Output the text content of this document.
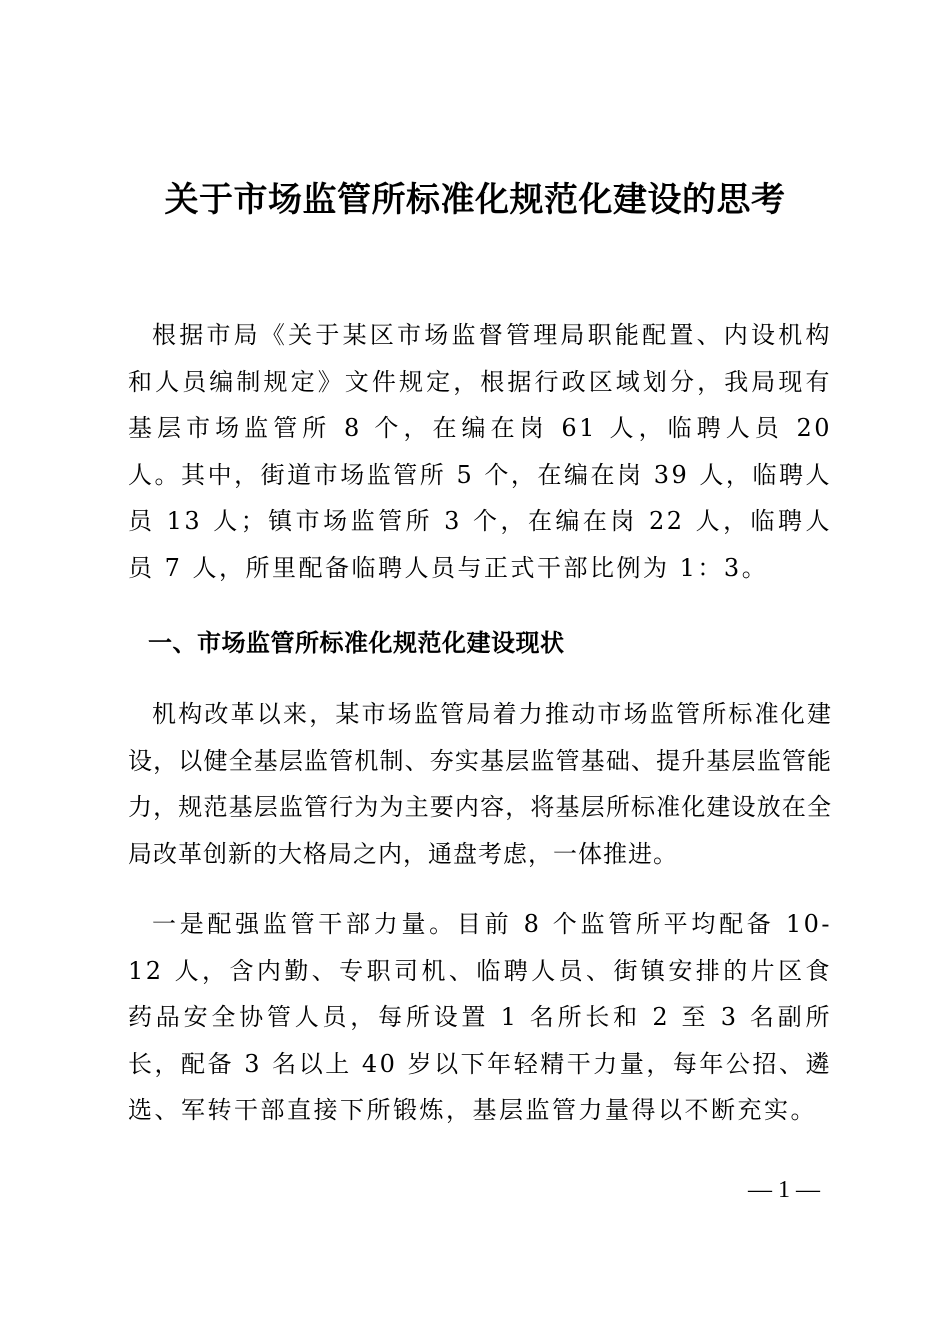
关于市场监管所标准化规范化建设的思考

根据市局《关于某区市场监督管理局职能配置、内设机构和人员编制规定》文件规定，根据行政区域划分，我局现有基层市场监管所 8 个，在编在岗 61 人，临聘人员 20 人。其中，街道市场监管所 5 个，在编在岗 39 人，临聘人员 13 人；镇市场监管所 3 个，在编在岗 22 人，临聘人员 7 人，所里配备临聘人员与正式干部比例为 1：3。

一、市场监管所标准化规范化建设现状

机构改革以来，某市场监管局着力推动市场监管所标准化建设，以健全基层监管机制、夯实基层监管基础、提升基层监管能力，规范基层监管行为为主要内容，将基层所标准化建设放在全局改革创新的大格局之内，通盘考虑，一体推进。

一是配强监管干部力量。目前 8 个监管所平均配备 10-12 人，含内勤、专职司机、临聘人员、街镇安排的片区食药品安全协管人员，每所设置 1 名所长和 2 至 3 名副所长，配备 3 名以上 40 岁以下年轻精干力量，每年公招、遴选、军转干部直接下所锻炼，基层监管力量得以不断充实。

— 1 —
